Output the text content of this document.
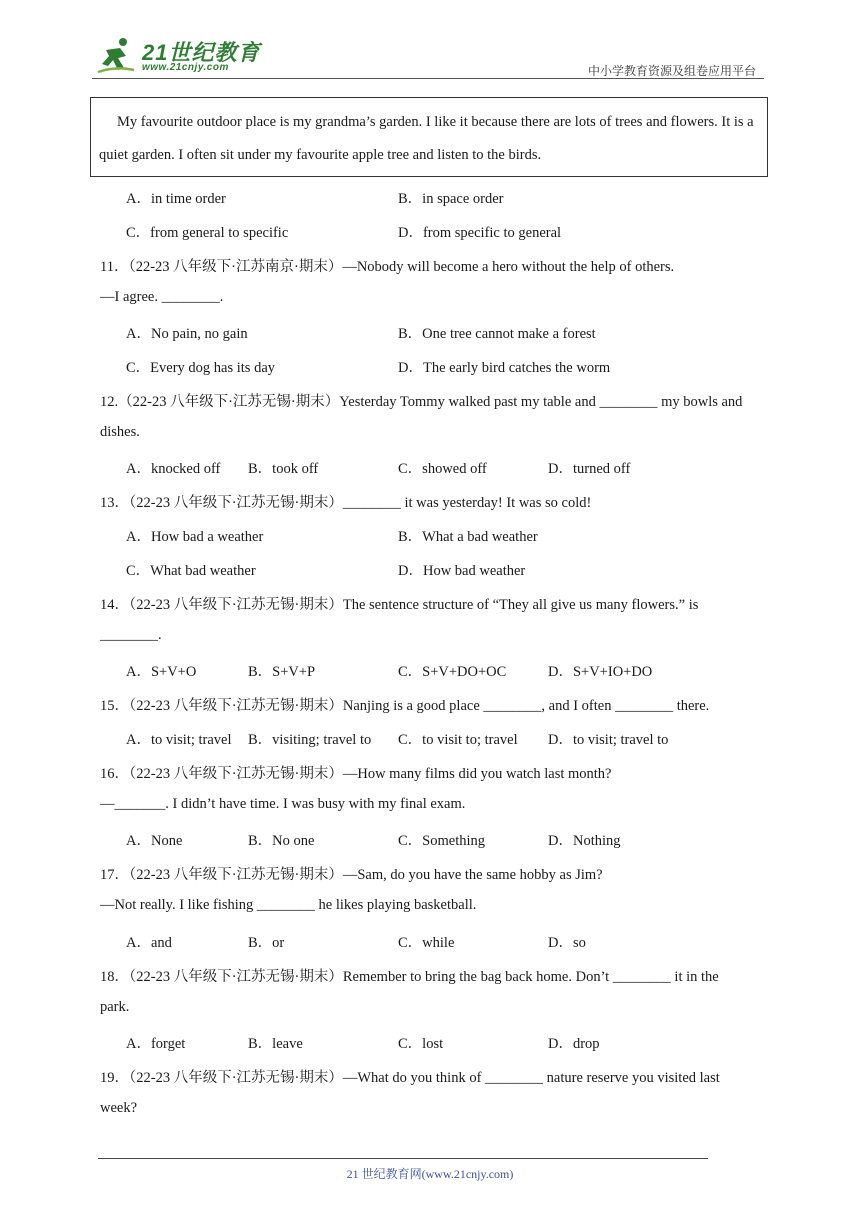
21世纪教育
www.21cnjy.com	中小学教育资源及组卷应用平台

My favourite outdoor place is my grandma’s garden. I like it because there are lots of trees and flowers. It is a quiet garden. I often sit under my favourite apple tree and listen to the birds.

A．in time order	B．in space order
C．from general to specific	D．from specific to general
11．（22-23 八年级下·江苏南京·期末）—Nobody will become a hero without the help of others.
—I agree. ________.
A．No pain, no gain	B．One tree cannot make a forest
C．Every dog has its day	D．The early bird catches the worm
12.（22-23 八年级下·江苏无锡·期末）Yesterday Tommy walked past my table and ________ my bowls and
dishes.
A．knocked off B．took off	C．showed off	D．turned off
13．（22-23 八年级下·江苏无锡·期末）________ it was yesterday! It was so cold!
A．How bad a weather	B．What a bad weather
C．What bad weather	D．How bad weather
14．（22-23 八年级下·江苏无锡·期末）The sentence structure of “They all give us many flowers.” is
________.
A．S+V+O	B．S+V+P	C．S+V+DO+OC	D．S+V+IO+DO
15．（22-23 八年级下·江苏无锡·期末）Nanjing is a good place ________, and I often ________ there.
A．to visit; travel B．visiting; travel to C．to visit to; travel D．to visit; travel to
16．（22-23 八年级下·江苏无锡·期末）—How many films did you watch last month?
—_______. I didn’t have time. I was busy with my final exam.
A．None	B．No one	C．Something	D．Nothing
17．（22-23 八年级下·江苏无锡·期末）—Sam, do you have the same hobby as Jim?
—Not really. I like fishing ________ he likes playing basketball.
A．and	B．or	C．while	D．so
18．（22-23 八年级下·江苏无锡·期末）Remember to bring the bag back home. Don’t ________ it in the
park.
A．forget	B．leave	C．lost	D．drop
19．（22-23 八年级下·江苏无锡·期末）—What do you think of ________ nature reserve you visited last
week?
21 世纪教育网(www.21cnjy.com)
